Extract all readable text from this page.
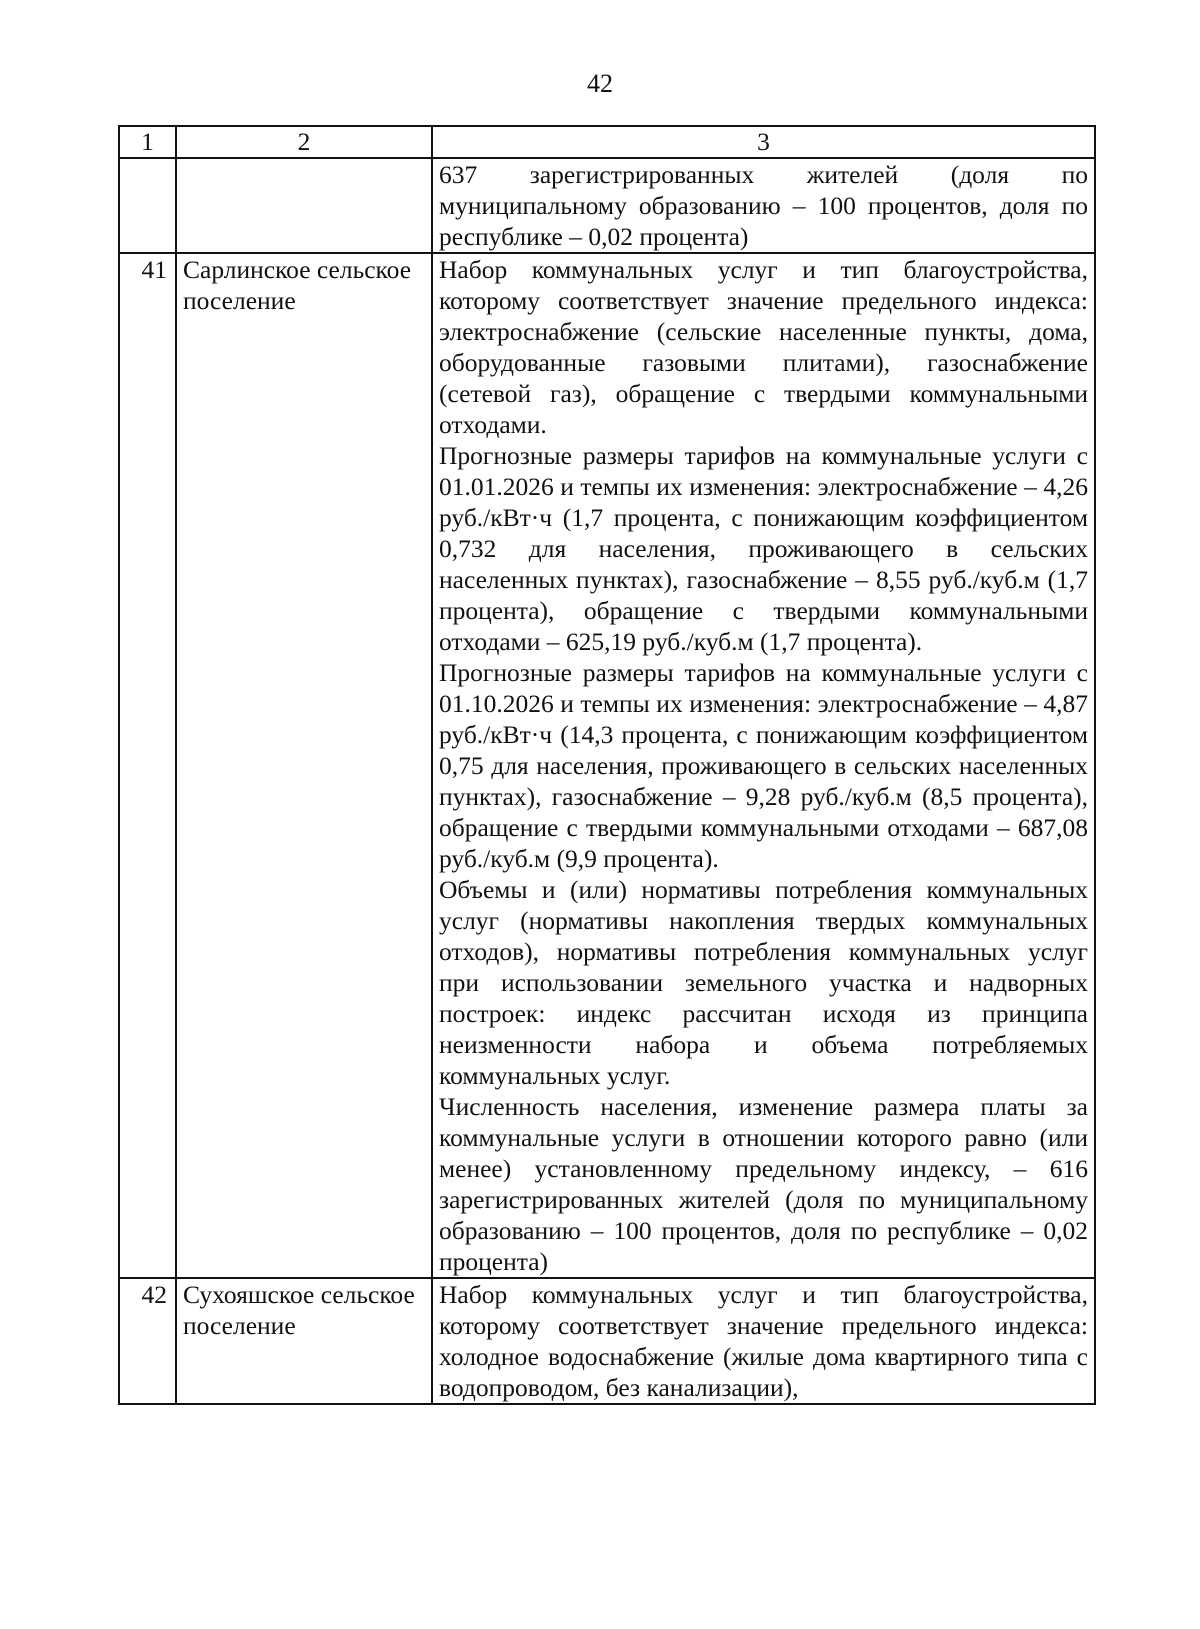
42
1	2	3

		637 зарегистрированных жителей (доля по муниципальному образованию – 100 процентов, доля по республике – 0,02 процента)

41	Сарлинское сельское поселение	Набор коммунальных услуг и тип благоустройства, которому соответствует значение предельного индекса: электроснабжение (сельские населенные пункты, дома, оборудованные газовыми плитами), газоснабжение (сетевой газ), обращение с твердыми коммунальными отходами.

Прогнозные размеры тарифов на коммунальные услуги с 01.01.2026 и темпы их изменения: электроснабжение – 4,26 руб./кВт·ч (1,7 процента, с понижающим коэффициентом 0,732 для населения, проживающего в сельских населенных пунктах), газоснабжение – 8,55 руб./куб.м (1,7 процента), обращение с твердыми коммунальными отходами – 625,19 руб./куб.м (1,7 процента).

Прогнозные размеры тарифов на коммунальные услуги с 01.10.2026 и темпы их изменения: электроснабжение – 4,87 руб./кВт·ч (14,3 процента, с понижающим коэффициентом 0,75 для населения, проживающего в сельских населенных пунктах), газоснабжение – 9,28 руб./куб.м (8,5 процента), обращение с твердыми коммунальными отходами – 687,08 руб./куб.м (9,9 процента).

Объемы и (или) нормативы потребления коммунальных услуг (нормативы накопления твердых коммунальных отходов), нормативы потребления коммунальных услуг при использовании земельного участка и надворных построек: индекс рассчитан исходя из принципа неизменности набора и объема потребляемых коммунальных услуг.

Численность населения, изменение размера платы за коммунальные услуги в отношении которого равно (или менее) установленному предельному индексу, – 616 зарегистрированных жителей (доля по муниципальному образованию – 100 процентов, доля по республике – 0,02 процента)

42	Сухояшское сельское поселение	Набор коммунальных услуг и тип благоустройства, которому соответствует значение предельного индекса: холодное водоснабжение (жилые дома квартирного типа с водопроводом, без канализации),
